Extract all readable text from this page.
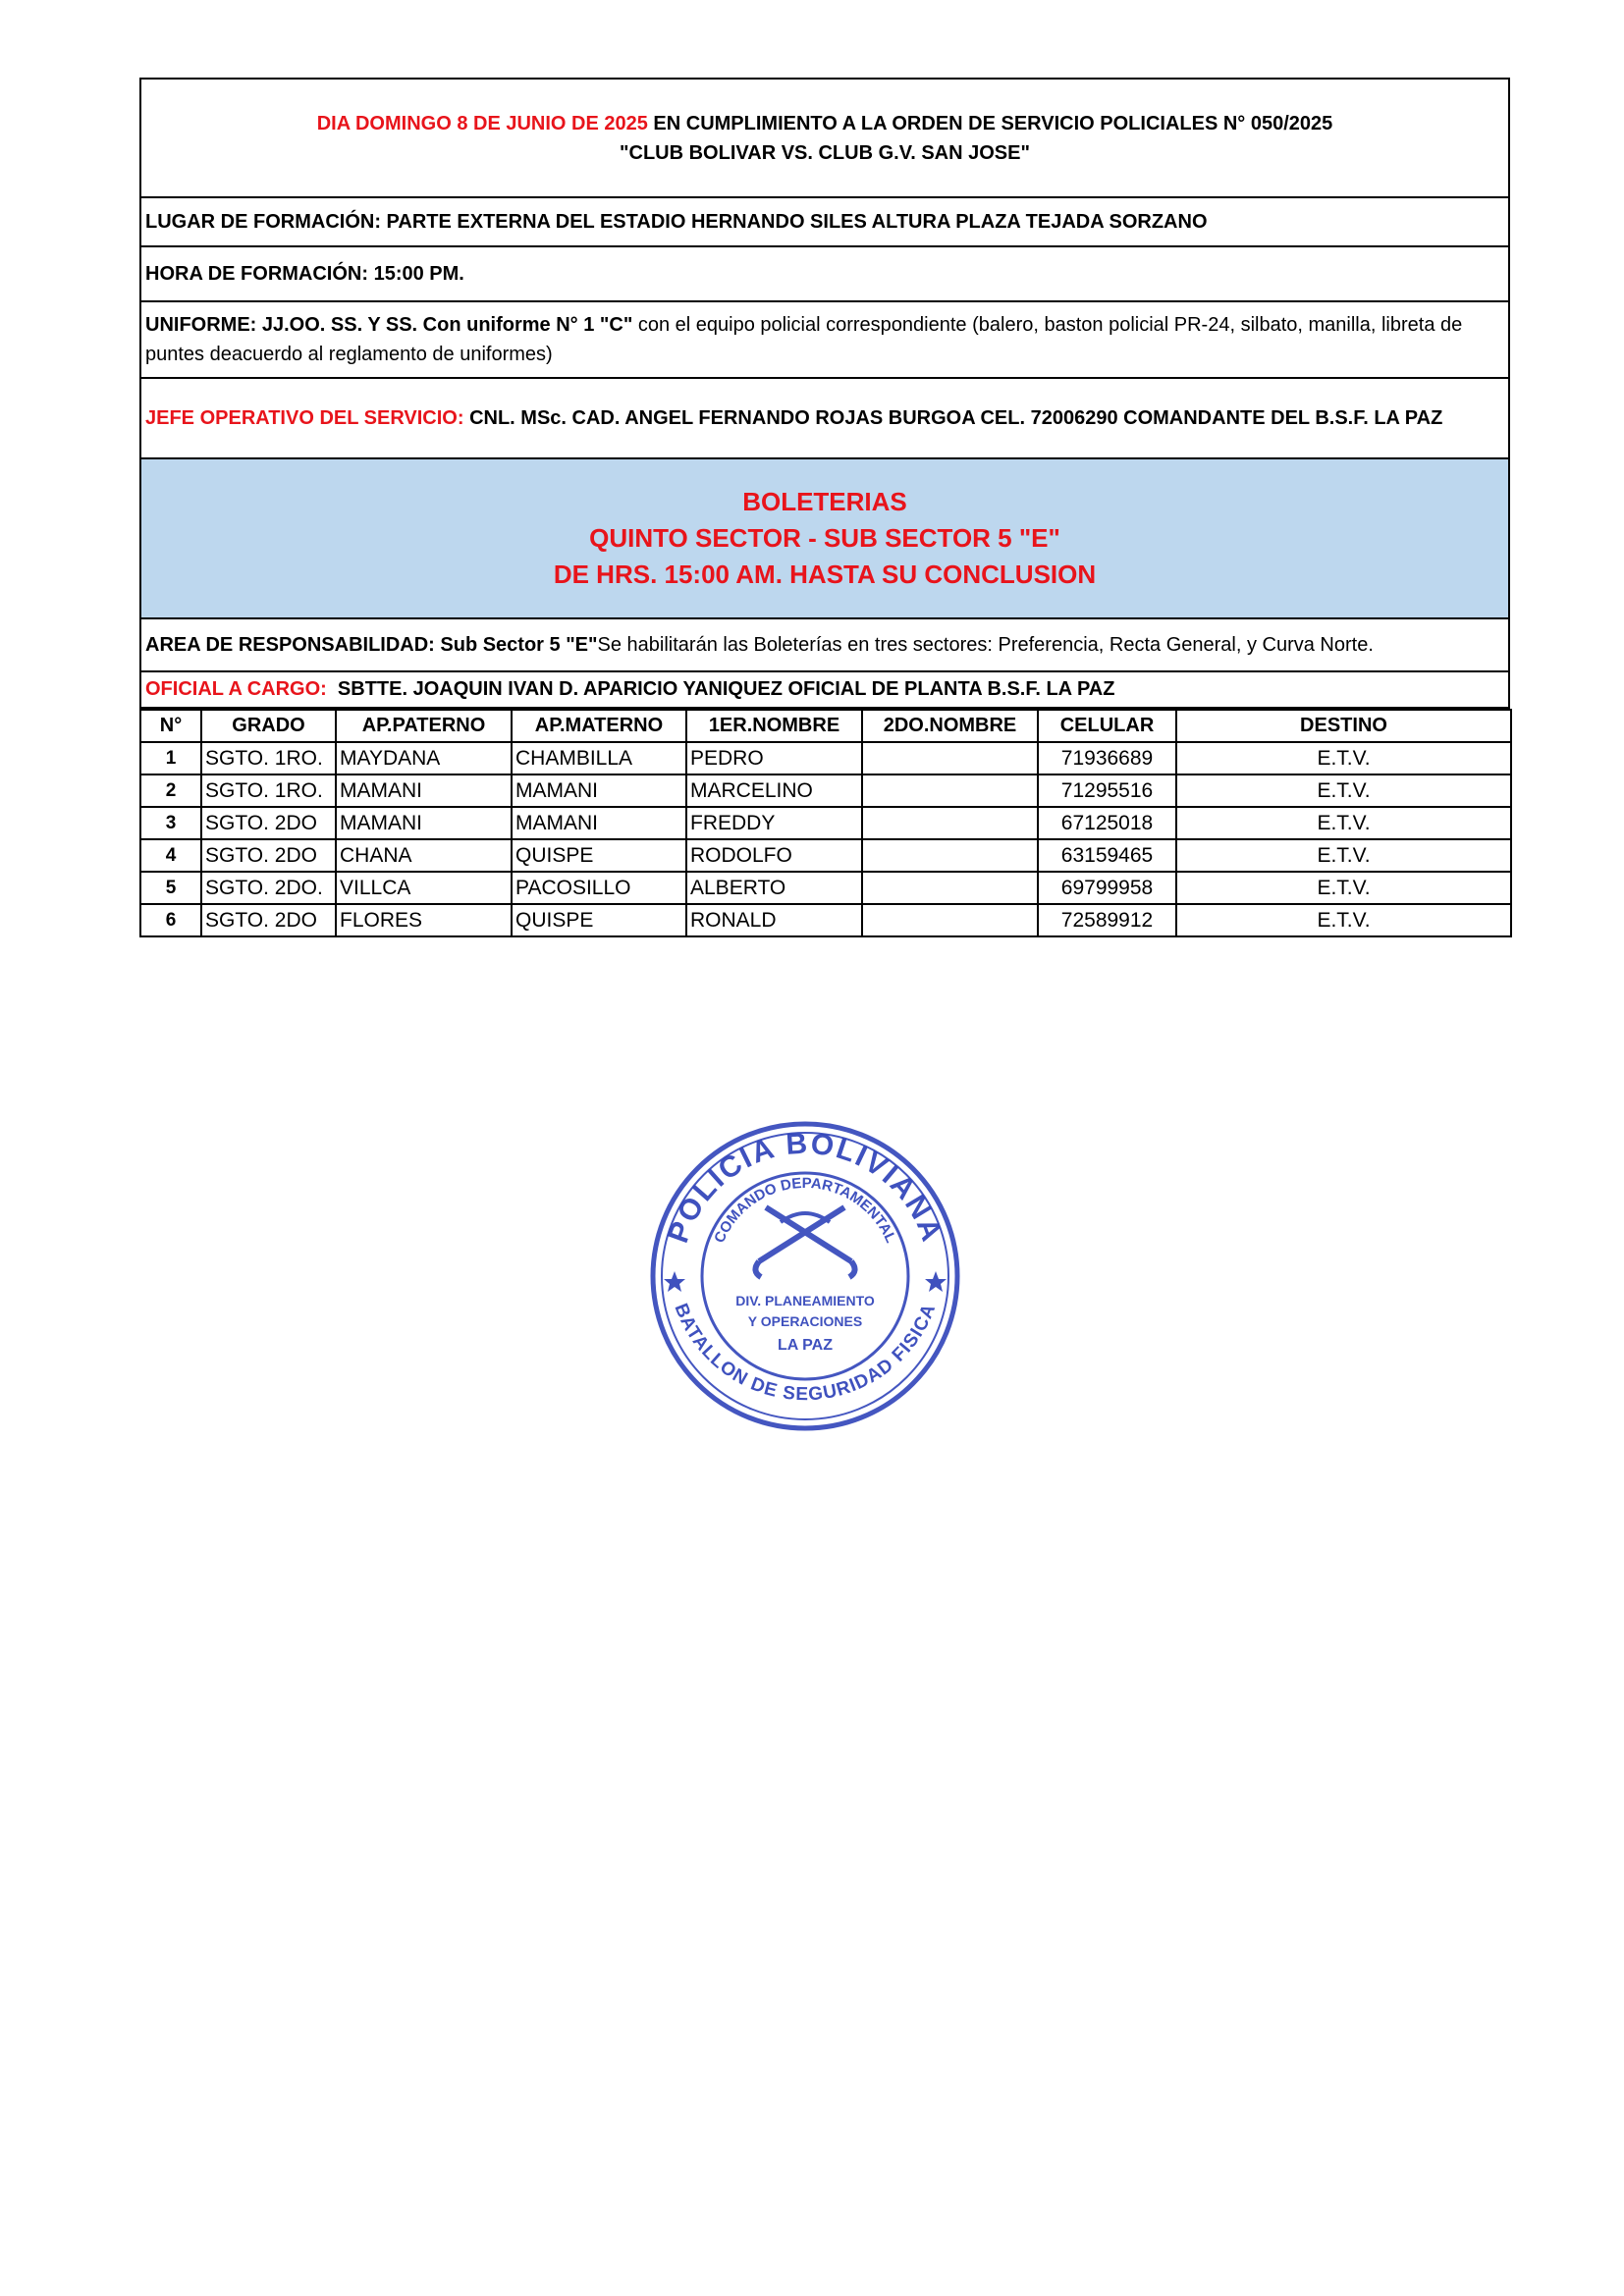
DIA DOMINGO 8 DE JUNIO DE 2025 EN CUMPLIMIENTO A LA ORDEN DE SERVICIO POLICIALES N° 050/2025
"CLUB BOLIVAR VS. CLUB G.V. SAN JOSE"
LUGAR DE FORMACIÓN: PARTE EXTERNA DEL ESTADIO HERNANDO SILES ALTURA PLAZA TEJADA SORZANO
HORA DE FORMACIÓN: 15:00 PM.
UNIFORME: JJ.OO. SS. Y SS. Con uniforme N° 1 "C" con el equipo policial correspondiente (balero, baston policial PR-24, silbato, manilla, libreta de puntes deacuerdo al reglamento de uniformes)
JEFE OPERATIVO DEL SERVICIO:
CNL. MSc. CAD. ANGEL FERNANDO ROJAS BURGOA CEL. 72006290 COMANDANTE DEL B.S.F. LA PAZ
BOLETERIAS
QUINTO SECTOR - SUB SECTOR 5 "E"
DE HRS. 15:00 AM. HASTA SU CONCLUSION
AREA DE RESPONSABILIDAD: Sub Sector 5 "E" Se habilitarán las Boleterías en tres sectores: Preferencia, Recta General, y Curva Norte.
OFICIAL A CARGO: SBTTE. JOAQUIN IVAN D. APARICIO YANIQUEZ OFICIAL DE PLANTA B.S.F. LA PAZ
N°	GRADO	AP.PATERNO	AP.MATERNO	1ER.NOMBRE	2DO.NOMBRE	CELULAR	DESTINO
1	SGTO. 1RO.	MAYDANA	CHAMBILLA	PEDRO		71936689	E.T.V.
2	SGTO. 1RO.	MAMANI	MAMANI	MARCELINO		71295516	E.T.V.
3	SGTO. 2DO	MAMANI	MAMANI	FREDDY		67125018	E.T.V.
4	SGTO. 2DO	CHANA	QUISPE	RODOLFO		63159465	E.T.V.
5	SGTO. 2DO.	VILLCA	PACOSILLO	ALBERTO		69799958	E.T.V.
6	SGTO. 2DO	FLORES	QUISPE	RONALD		72589912	E.T.V.
POLICIA BOLIVIANA
BATALLON DE SEGURIDAD FISICA
COMANDO DEPARTAMENTAL
DIV. PLANEAMIENTO
Y OPERACIONES
LA PAZ
